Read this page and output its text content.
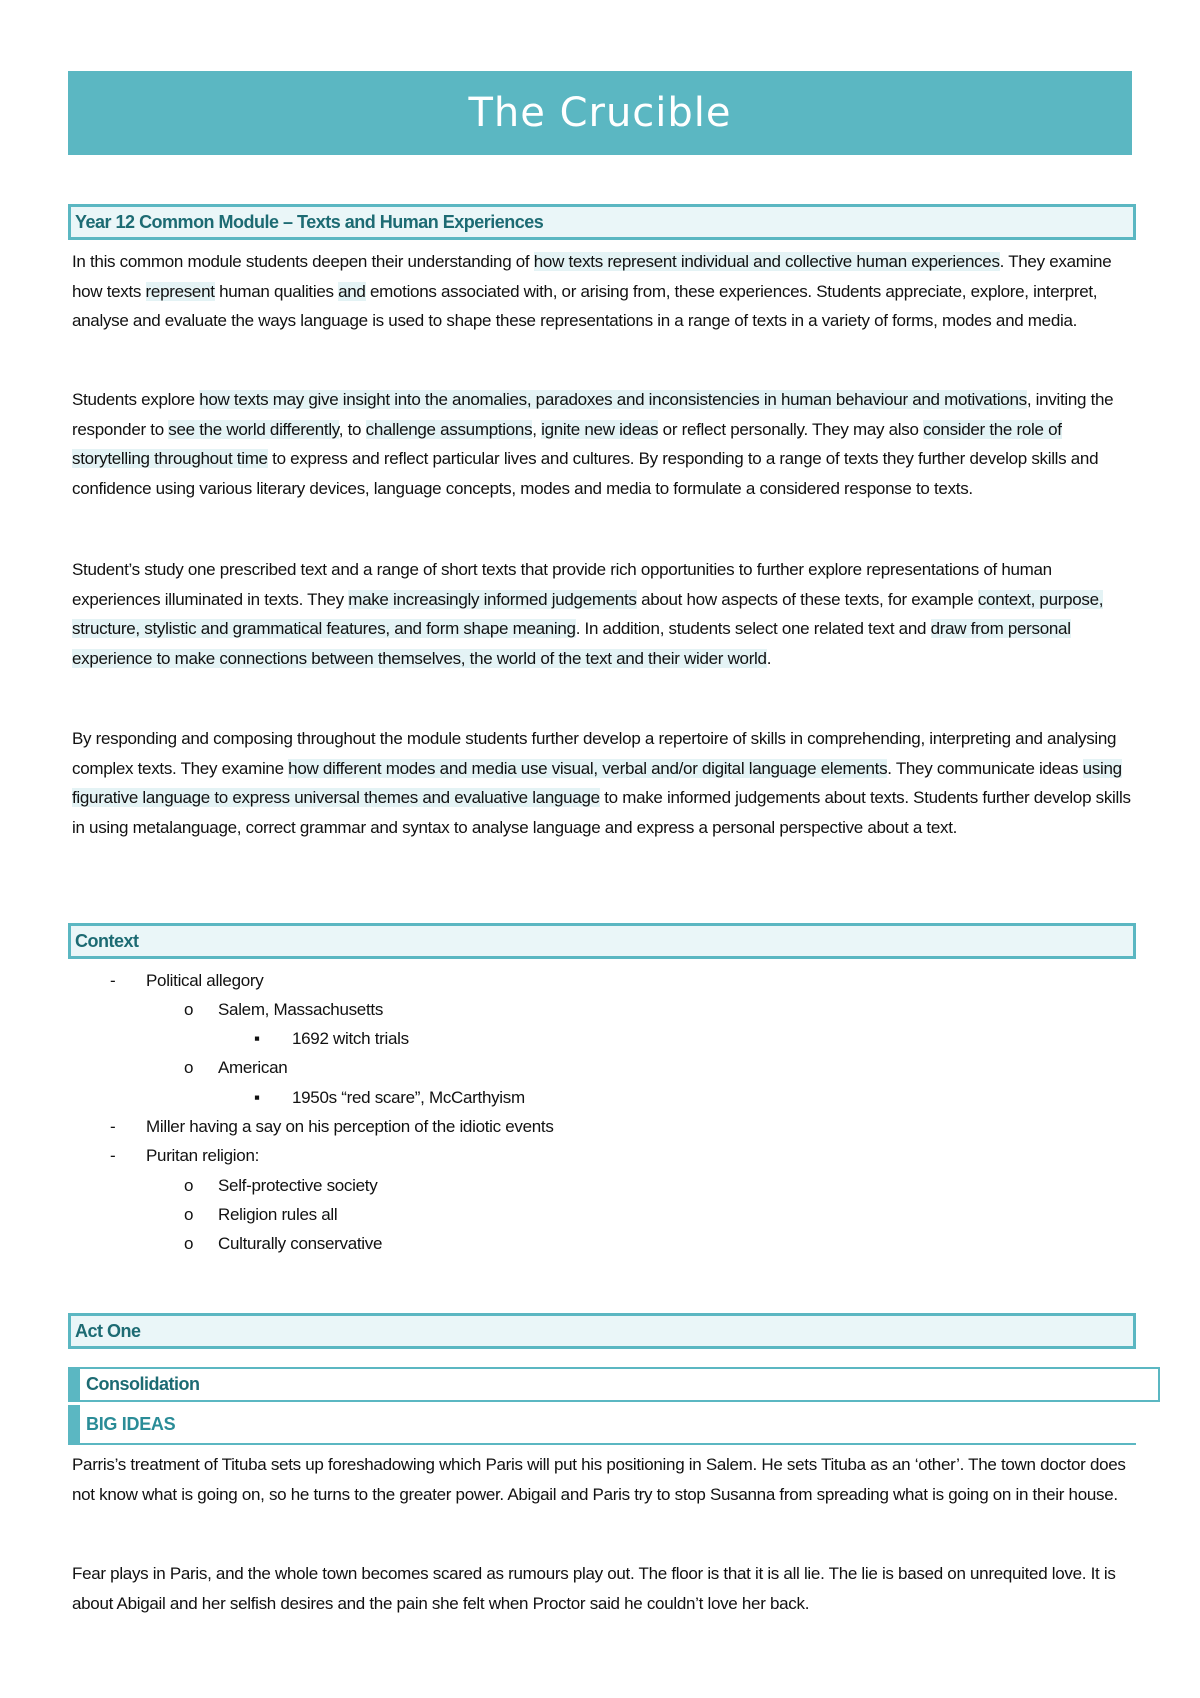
The Crucible
Year 12 Common Module – Texts and Human Experiences

In this common module students deepen their understanding of how texts represent individual and collective human experiences. They examine how texts represent human qualities and emotions associated with, or arising from, these experiences. Students appreciate, explore, interpret, analyse and evaluate the ways language is used to shape these representations in a range of texts in a variety of forms, modes and media.

Students explore how texts may give insight into the anomalies, paradoxes and inconsistencies in human behaviour and motivations, inviting the responder to see the world differently, to challenge assumptions, ignite new ideas or reflect personally. They may also consider the role of storytelling throughout time to express and reflect particular lives and cultures. By responding to a range of texts they further develop skills and confidence using various literary devices, language concepts, modes and media to formulate a considered response to texts.

Student’s study one prescribed text and a range of short texts that provide rich opportunities to further explore representations of human experiences illuminated in texts. They make increasingly informed judgements about how aspects of these texts, for example context, purpose, structure, stylistic and grammatical features, and form shape meaning. In addition, students select one related text and draw from personal experience to make connections between themselves, the world of the text and their wider world.

By responding and composing throughout the module students further develop a repertoire of skills in comprehending, interpreting and analysing complex texts. They examine how different modes and media use visual, verbal and/or digital language elements. They communicate ideas using figurative language to express universal themes and evaluative language to make informed judgements about texts. Students further develop skills in using metalanguage, correct grammar and syntax to analyse language and express a personal perspective about a text.

Context
- Political allegory
o Salem, Massachusetts
▪ 1692 witch trials
o American
▪ 1950s “red scare”, McCarthyism
- Miller having a say on his perception of the idiotic events
- Puritan religion:
o Self-protective society
o Religion rules all
o Culturally conservative
Act One
Consolidation
BIG IDEAS

Parris’s treatment of Tituba sets up foreshadowing which Paris will put his positioning in Salem. He sets Tituba as an ‘other’. The town doctor does not know what is going on, so he turns to the greater power. Abigail and Paris try to stop Susanna from spreading what is going on in their house.

Fear plays in Paris, and the whole town becomes scared as rumours play out. The floor is that it is all lie. The lie is based on unrequited love. It is about Abigail and her selfish desires and the pain she felt when Proctor said he couldn’t love her back.
